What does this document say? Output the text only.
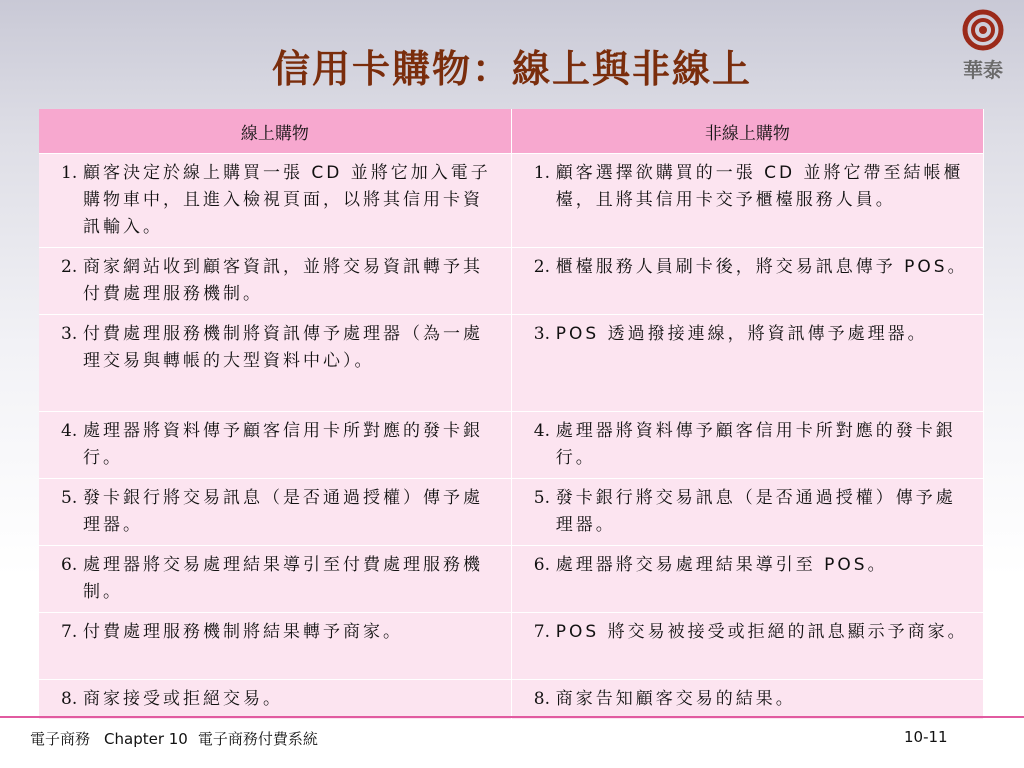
信用卡購物：線上與非線上	華泰
線上購物	非線上購物

1. 顧客決定於線上購買一張 CD 並將它加入電子購物車中，且進入檢視頁面，以將其信用卡資訊輸入。	1. 顧客選擇欲購買的一張 CD 並將它帶至結帳櫃檯，且將其信用卡交予櫃檯服務人員。

2. 商家網站收到顧客資訊，並將交易資訊轉予其付費處理服務機制。	2. 櫃檯服務人員刷卡後，將交易訊息傳予 POS。

3. 付費處理服務機制將資訊傳予處理器（為一處理交易與轉帳的大型資料中心）。	3. POS 透過撥接連線，將資訊傳予處理器。

4. 處理器將資料傳予顧客信用卡所對應的發卡銀行。	4. 處理器將資料傳予顧客信用卡所對應的發卡銀行。

5. 發卡銀行將交易訊息（是否通過授權）傳予處理器。	5. 發卡銀行將交易訊息（是否通過授權）傳予處理器。

6. 處理器將交易處理結果導引至付費處理服務機制。	6. 處理器將交易處理結果導引至 POS。

7. 付費處理服務機制將結果轉予商家。	7. POS 將交易被接受或拒絕的訊息顯示予商家。

8. 商家接受或拒絕交易。	8. 商家告知顧客交易的結果。
電子商務 Chapter 10 電子商務付費系統	10-11
